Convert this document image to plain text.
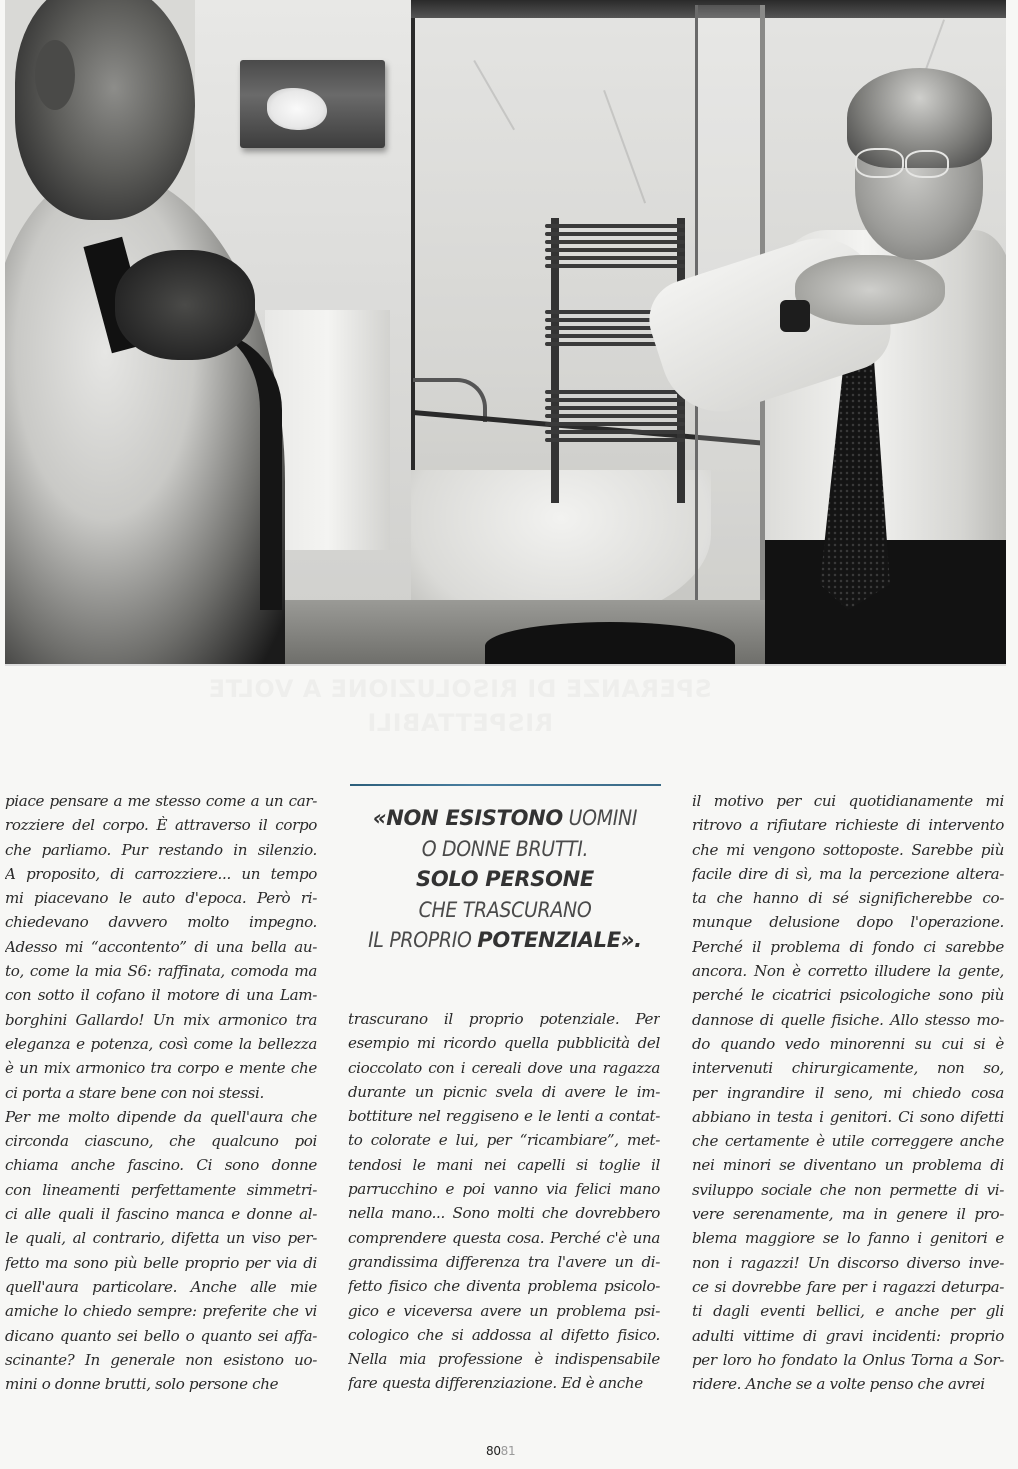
piace pensare a me stesso come a un car-
rozziere del corpo. È attraverso il corpo
che parliamo. Pur restando in silenzio.
A proposito, di carrozziere... un tempo
mi piacevano le auto d'epoca. Però ri-
chiedevano davvero molto impegno.
Adesso mi “accontento” di una bella au-
to, come la mia S6: raffinata, comoda ma
con sotto il cofano il motore di una Lam-
borghini Gallardo! Un mix armonico tra
eleganza e potenza, così come la bellezza
è un mix armonico tra corpo e mente che
ci porta a stare bene con noi stessi.
Per me molto dipende da quell'aura che
circonda ciascuno, che qualcuno poi
chiama anche fascino. Ci sono donne
con lineamenti perfettamente simmetri-
ci alle quali il fascino manca e donne al-
le quali, al contrario, difetta un viso per-
fetto ma sono più belle proprio per via di
quell'aura particolare. Anche alle mie
amiche lo chiedo sempre: preferite che vi
dicano quanto sei bello o quanto sei affa-
scinante? In generale non esistono uo-
mini o donne brutti, solo persone che
«NON ESISTONO UOMINI
O DONNE BRUTTI.
SOLO PERSONE
CHE TRASCURANO
IL PROPRIO POTENZIALE».
trascurano il proprio potenziale. Per
esempio mi ricordo quella pubblicità del
cioccolato con i cereali dove una ragazza
durante un picnic svela di avere le im-
bottiture nel reggiseno e le lenti a contat-
to colorate e lui, per “ricambiare”, met-
tendosi le mani nei capelli si toglie il
parrucchino e poi vanno via felici mano
nella mano... Sono molti che dovrebbero
comprendere questa cosa. Perché c'è una
grandissima differenza tra l'avere un di-
fetto fisico che diventa problema psicolo-
gico e viceversa avere un problema psi-
cologico che si addossa al difetto fisico.
Nella mia professione è indispensabile
fare questa differenziazione. Ed è anche
il motivo per cui quotidianamente mi
ritrovo a rifiutare richieste di intervento
che mi vengono sottoposte. Sarebbe più
facile dire di sì, ma la percezione altera-
ta che hanno di sé significherebbe co-
munque delusione dopo l'operazione.
Perché il problema di fondo ci sarebbe
ancora. Non è corretto illudere la gente,
perché le cicatrici psicologiche sono più
dannose di quelle fisiche. Allo stesso mo-
do quando vedo minorenni su cui si è
intervenuti chirurgicamente, non so,
per ingrandire il seno, mi chiedo cosa
abbiano in testa i genitori. Ci sono difetti
che certamente è utile correggere anche
nei minori se diventano un problema di
sviluppo sociale che non permette di vi-
vere serenamente, ma in genere il pro-
blema maggiore se lo fanno i genitori e
non i ragazzi! Un discorso diverso inve-
ce si dovrebbe fare per i ragazzi deturpa-
ti dagli eventi bellici, e anche per gli
adulti vittime di gravi incidenti: proprio
per loro ho fondato la Onlus Torna a Sor-
ridere. Anche se a volte penso che avrei
8081
